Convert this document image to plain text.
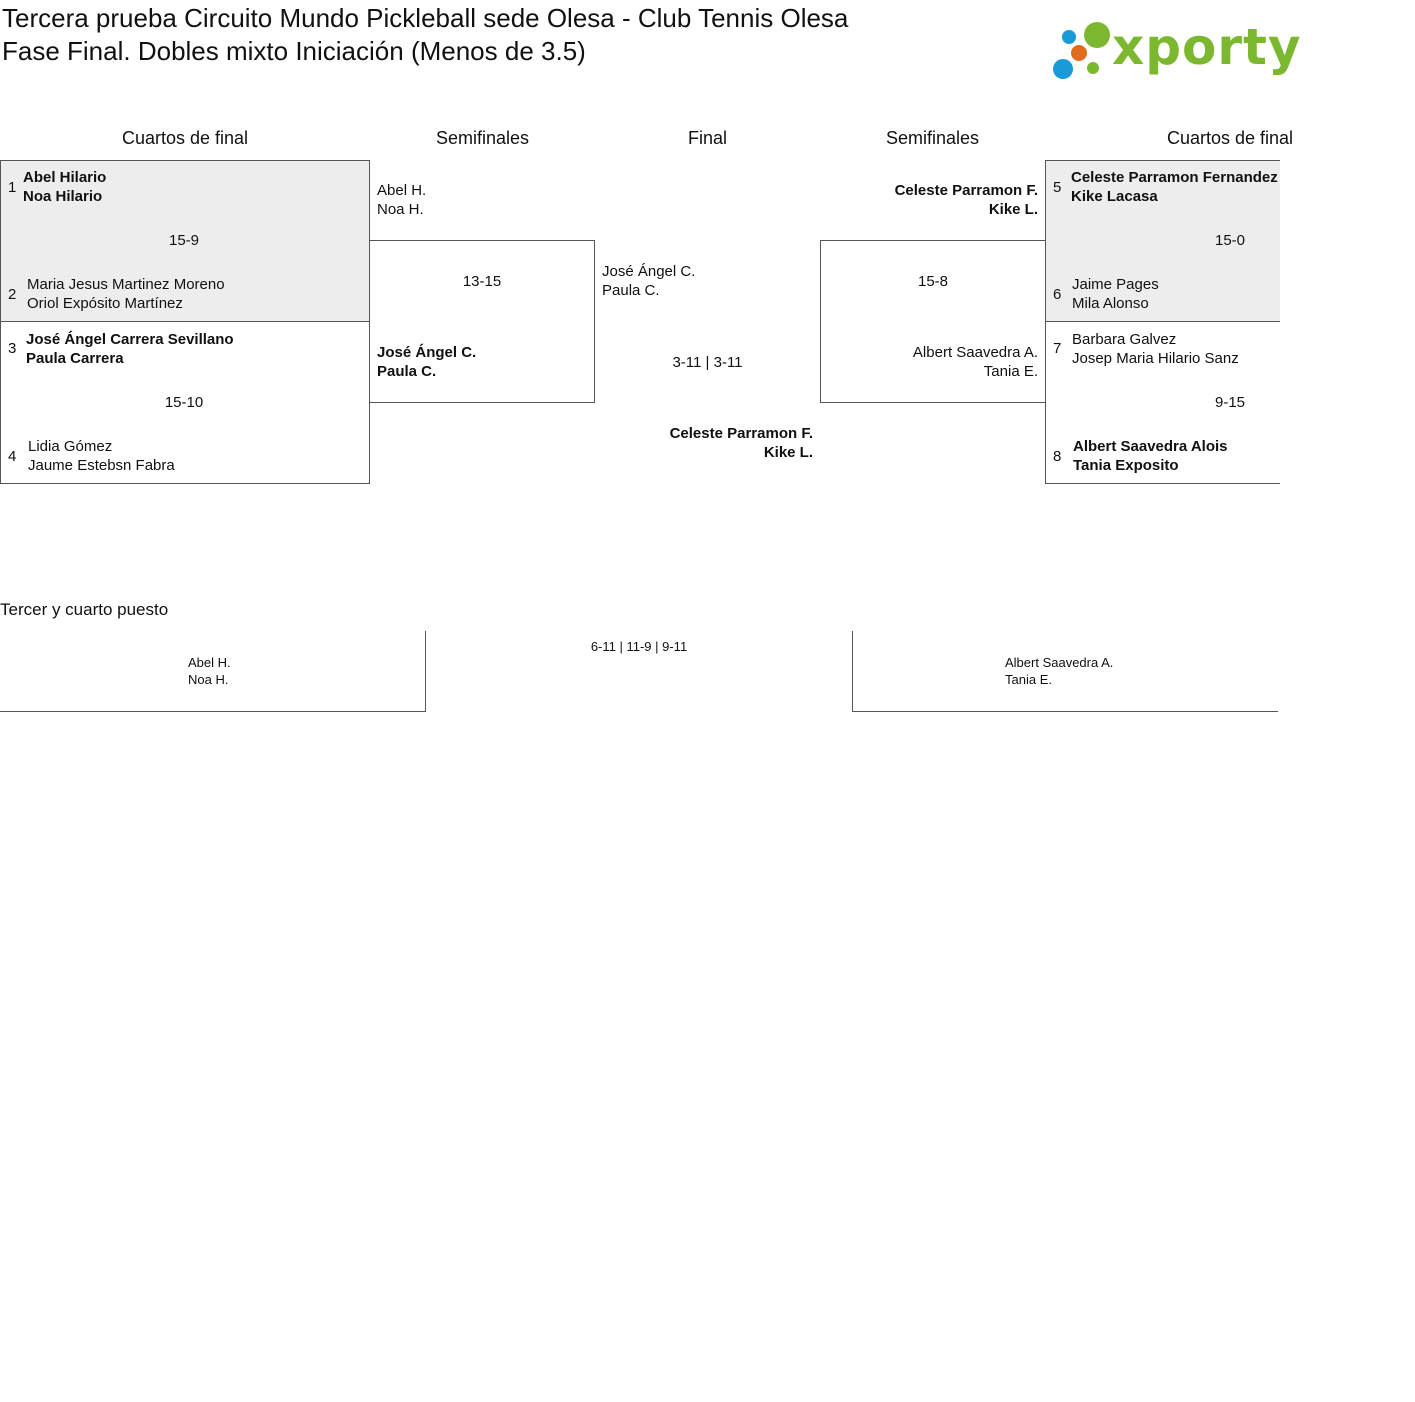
Tercera prueba Circuito Mundo Pickleball sede Olesa - Club Tennis Olesa
Fase Final. Dobles mixto Iniciación (Menos de 3.5)	xporty
Cuartos de final	Semifinales	Final	Semifinales	Cuartos de final
1
Abel Hilario
Noa Hilario
15-9
2
Maria Jesus Martinez Moreno
Oriol Expósito Martínez
3
José Ángel Carrera Sevillano
Paula Carrera
15-10
4
Lidia Gómez
Jaume Estebsn Fabra
Abel H.
Noa H.
13-15
José Ángel C.
Paula C.
José Ángel C.
Paula C.
3-11 | 3-11
Celeste Parramon F.
Kike L.
Celeste Parramon F.
Kike L.
15-8
Albert Saavedra A.
Tania E.
5
Celeste Parramon Fernandez
Kike Lacasa
15-0
6
Jaime Pages
Mila Alonso
7
Barbara Galvez
Josep Maria Hilario Sanz
9-15
8
Albert Saavedra Alois
Tania Exposito
Tercer y cuarto puesto
Abel H.
Noa H.
6-11 | 11-9 | 9-11
Albert Saavedra A.
Tania E.
